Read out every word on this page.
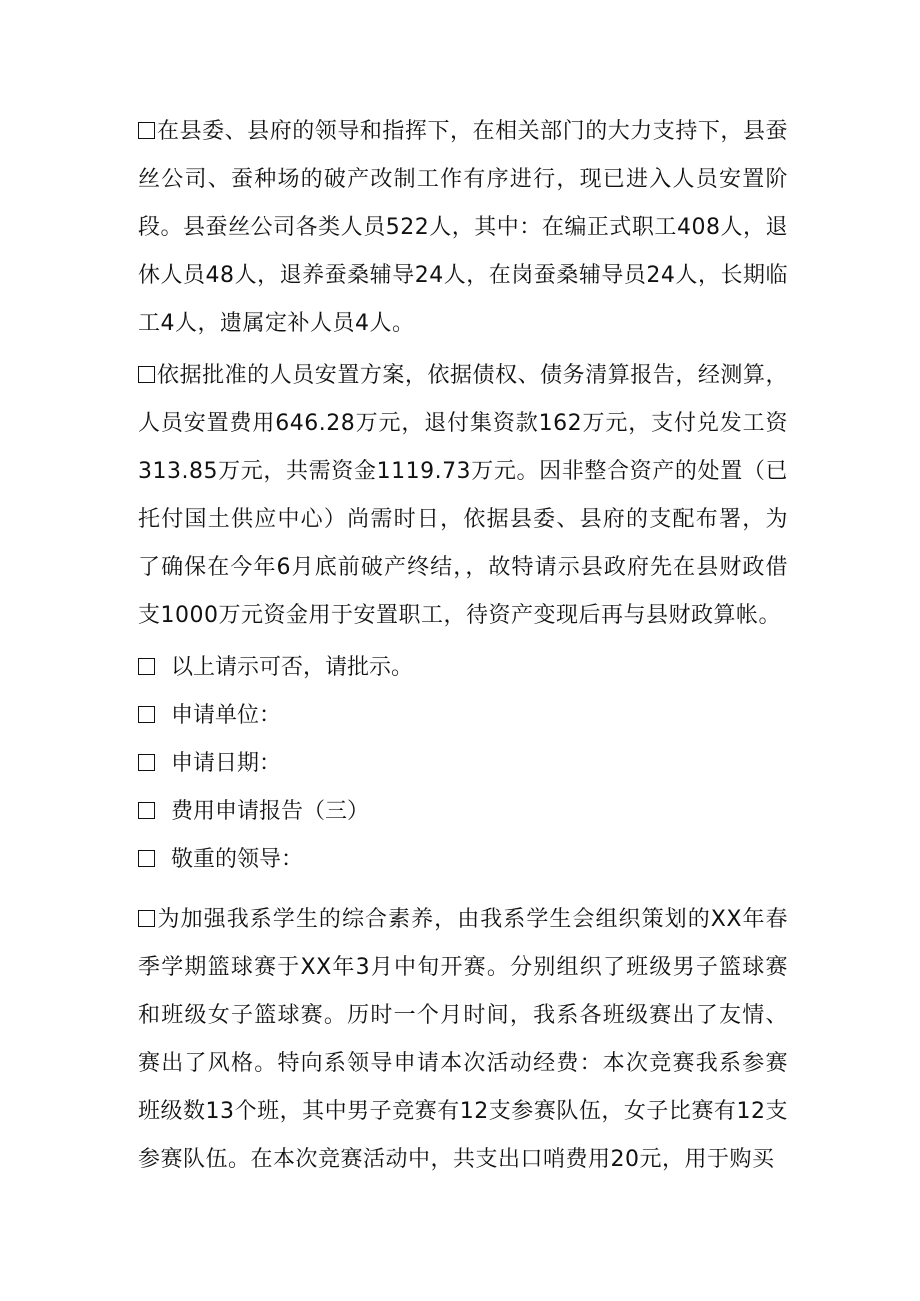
在县委、县府的领导和指挥下，在相关部门的大力支持下，县蚕丝公司、蚕种场的破产改制工作有序进行，现已进入人员安置阶段。县蚕丝公司各类人员522人，其中：在编正式职工408人，退休人员48人，退养蚕桑辅导24人，在岗蚕桑辅导员24人，长期临工4人，遗属定补人员4人。

依据批准的人员安置方案，依据债权、债务清算报告，经测算，人员安置费用646.28万元，退付集资款162万元，支付兑发工资313.85万元，共需资金1119.73万元。因非整合资产的处置（已托付国土供应中心）尚需时日，依据县委、县府的支配布署，为了确保在今年6月底前破产终结，，故特请示县政府先在县财政借支1000万元资金用于安置职工，待资产变现后再与县财政算帐。

以上请示可否，请批示。

申请单位：

申请日期：

费用申请报告（三）

敬重的领导：

为加强我系学生的综合素养，由我系学生会组织策划的XX年春季学期篮球赛于XX年3月中旬开赛。分别组织了班级男子篮球赛和班级女子篮球赛。历时一个月时间，我系各班级赛出了友情、赛出了风格。特向系领导申请本次活动经费：本次竞赛我系参赛班级数13个班，其中男子竞赛有12支参赛队伍，女子比赛有12支参赛队伍。在本次竞赛活动中，共支出口哨费用20元，用于购买
